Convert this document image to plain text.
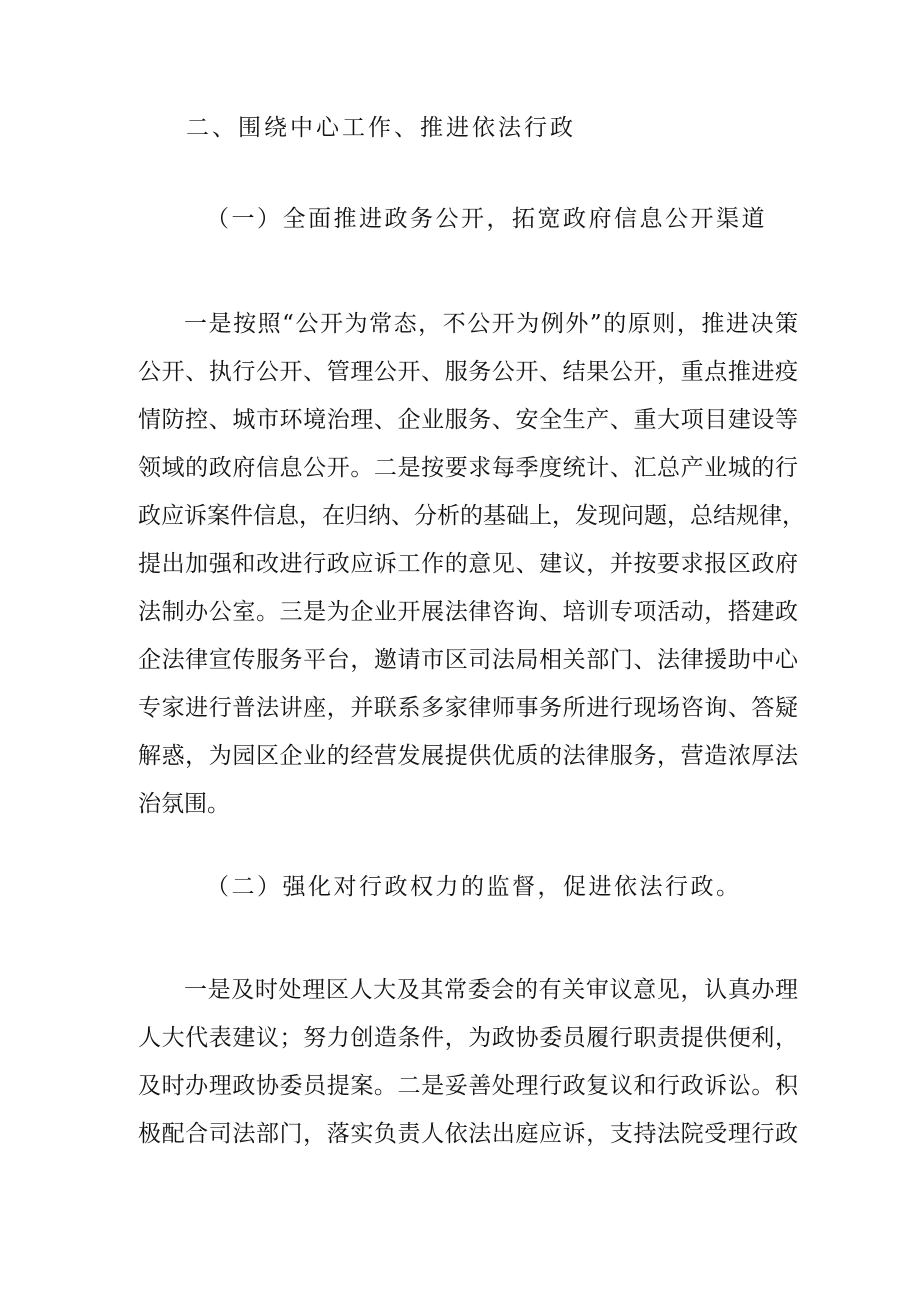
二、围绕中心工作、推进依法行政
（一）全面推进政务公开，拓宽政府信息公开渠道
一是按照“公开为常态，不公开为例外”的原则，推进决策
公开、执行公开、管理公开、服务公开、结果公开，重点推进疫
情防控、城市环境治理、企业服务、安全生产、重大项目建设等
领域的政府信息公开。二是按要求每季度统计、汇总产业城的行
政应诉案件信息，在归纳、分析的基础上，发现问题，总结规律，
提出加强和改进行政应诉工作的意见、建议，并按要求报区政府
法制办公室。三是为企业开展法律咨询、培训专项活动，搭建政
企法律宣传服务平台，邀请市区司法局相关部门、法律援助中心
专家进行普法讲座，并联系多家律师事务所进行现场咨询、答疑
解惑，为园区企业的经营发展提供优质的法律服务，营造浓厚法
治氛围。
（二）强化对行政权力的监督，促进依法行政。
一是及时处理区人大及其常委会的有关审议意见，认真办理
人大代表建议；努力创造条件，为政协委员履行职责提供便利，
及时办理政协委员提案。二是妥善处理行政复议和行政诉讼。积
极配合司法部门，落实负责人依法出庭应诉，支持法院受理行政
